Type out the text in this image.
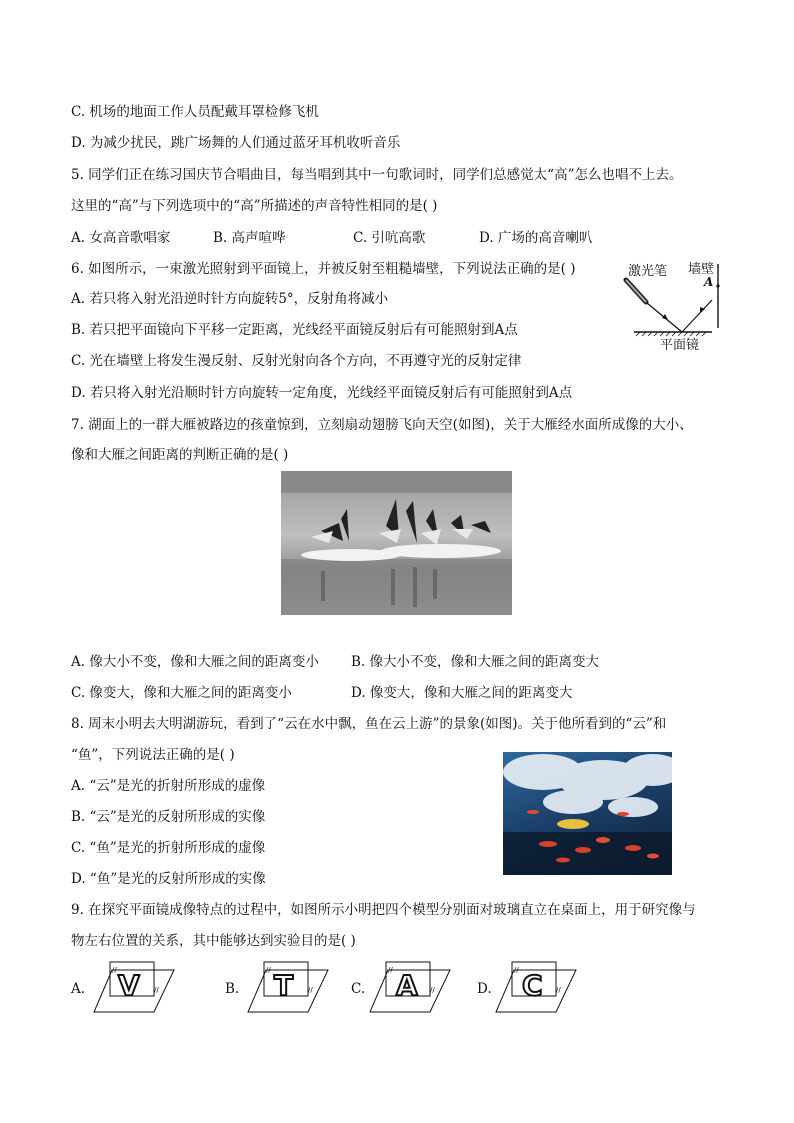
C. 机场的地面工作人员配戴耳罩检修飞机
D. 为减少扰民，跳广场舞的人们通过蓝牙耳机收听音乐
5. 同学们正在练习国庆节合唱曲目，每当唱到其中一句歌词时，同学们总感觉太“高”怎么也唱不上去。
这里的“高”与下列选项中的“高”所描述的声音特性相同的是( )
A. 女高音歌唱家	B. 高声喧哗	C. 引吭高歌	D. 广场的高音喇叭
6. 如图所示，一束激光照射到平面镜上，并被反射至粗糙墙壁，下列说法正确的是( )
A. 若只将入射光沿逆时针方向旋转5°，反射角将减小
B. 若只把平面镜向下平移一定距离，光线经平面镜反射后有可能照射到A点
C. 光在墙壁上将发生漫反射、反射光射向各个方向，不再遵守光的反射定律
D. 若只将入射光沿顺时针方向旋转一定角度，光线经平面镜反射后有可能照射到A点
激光笔 墙壁
A
平面镜
7. 湖面上的一群大雁被路边的孩童惊到，立刻扇动翅膀飞向天空(如图)，关于大雁经水面所成像的大小、
像和大雁之间距离的判断正确的是( )
A. 像大小不变，像和大雁之间的距离变小 B. 像大小不变，像和大雁之间的距离变大
C. 像变大，像和大雁之间的距离变小	D. 像变大，像和大雁之间的距离变大
8. 周末小明去大明湖游玩，看到了“云在水中飘，鱼在云上游”的景象(如图)。关于他所看到的“云”和
“鱼”，下列说法正确的是( )
A. “云”是光的折射所形成的虚像
B. “云”是光的反射所形成的实像
C. “鱼”是光的折射所形成的虚像
D. “鱼”是光的反射所形成的实像
9. 在探究平面镜成像特点的过程中，如图所示小明把四个模型分别面对玻璃直立在桌面上，用于研究像与
物左右位置的关系，其中能够达到实验目的是( )
A.
//
//
V	B.
//
//
T	C.
//
//
A	D.
//
//
C
